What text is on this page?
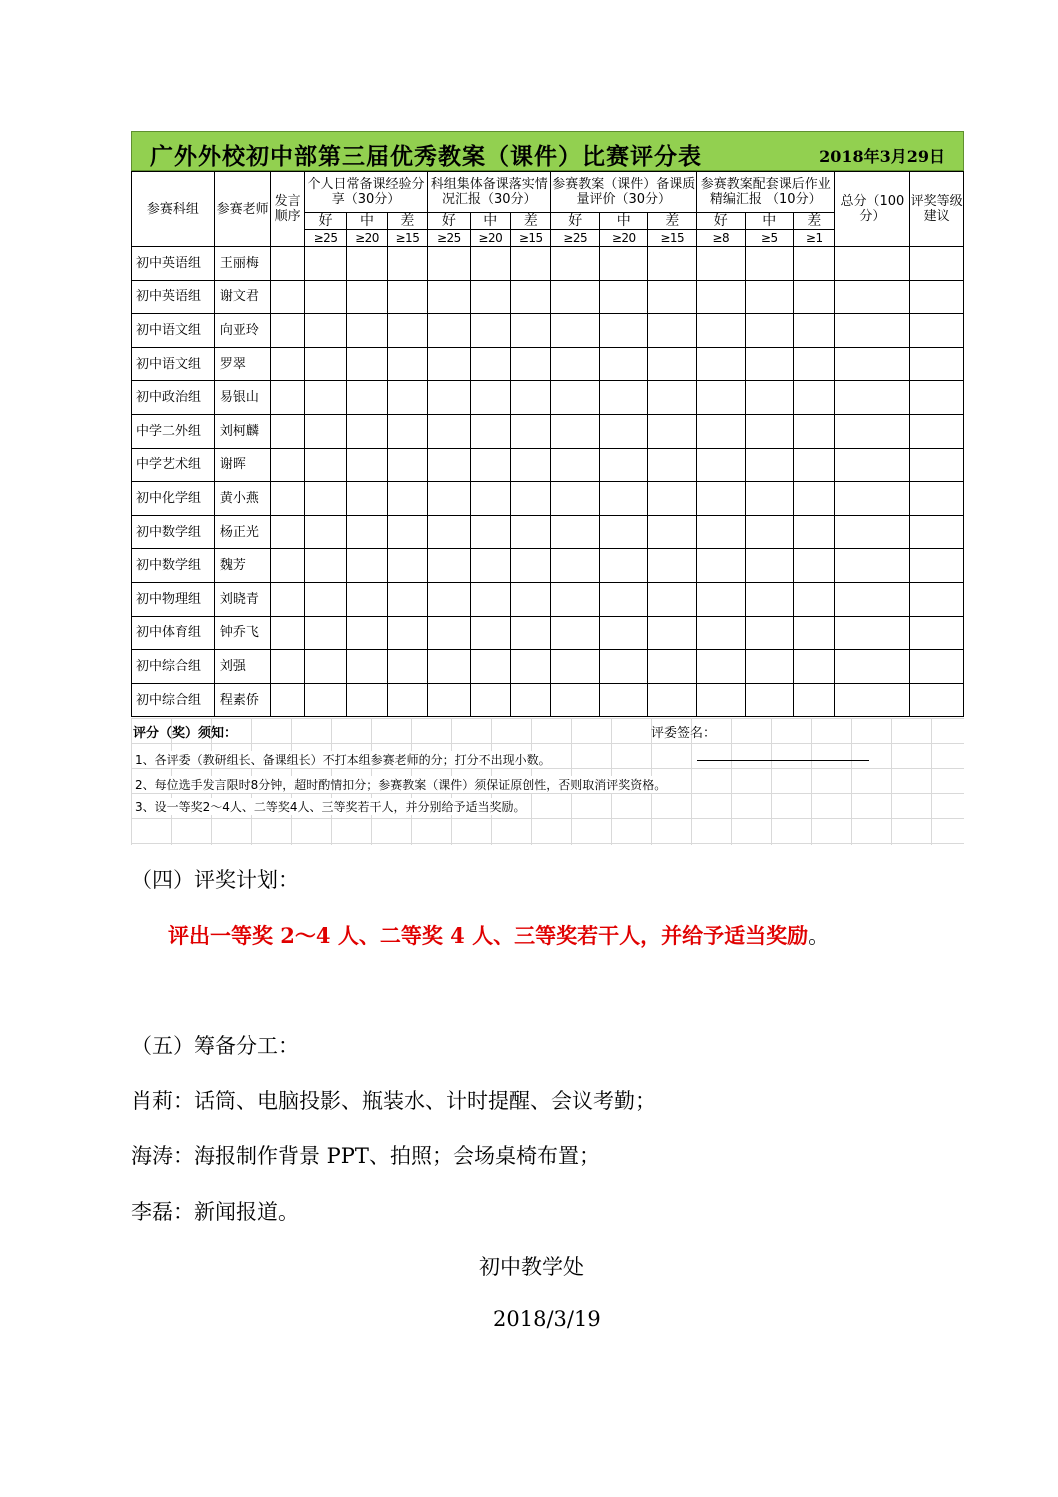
广外外校初中部第三届优秀教案（课件）比赛评分表	2018年3月29日
参赛科组	参赛老师	发言顺序	个人日常备课经验分享（30分）			科组集体备课落实情况汇报（30分）			参赛教案（课件）备课质量评价（30分）			参赛教案配套课后作业精编汇报 （10分）			总分（100分）	评奖等级建议
			好	中	差	好	中	差	好	中	差	好	中	差		
			≥25	≥20	≥15	≥25	≥20	≥15	≥25	≥20	≥15	≥8	≥5	≥1		
初中英语组	王丽梅															
初中英语组	谢文君															
初中语文组	向亚玲															
初中语文组	罗翠															
初中政治组	易银山															
中学二外组	刘柯麟															
中学艺术组	谢晖															
初中化学组	黄小燕															
初中数学组	杨正光															
初中数学组	魏芳															
初中物理组	刘晓青															
初中体育组	钟乔飞															
初中综合组	刘强															
初中综合组	程素侨															
评分（奖）须知：	评委签名：
1、各评委（教研组长、备课组长）不打本组参赛老师的分；打分不出现小数。
2、每位选手发言限时8分钟，超时酌情扣分；参赛教案（课件）须保证原创性，否则取消评奖资格。
3、设一等奖2～4人、二等奖4人、三等奖若干人，并分别给予适当奖励。
（四）评奖计划：
评出一等奖 2～4 人、二等奖 4 人、三等奖若干人，并给予适当奖励。
（五）筹备分工：
肖莉：话筒、电脑投影、瓶装水、计时提醒、会议考勤；
海涛：海报制作背景 PPT、拍照；会场桌椅布置；
李磊：新闻报道。
初中教学处
2018/3/19
